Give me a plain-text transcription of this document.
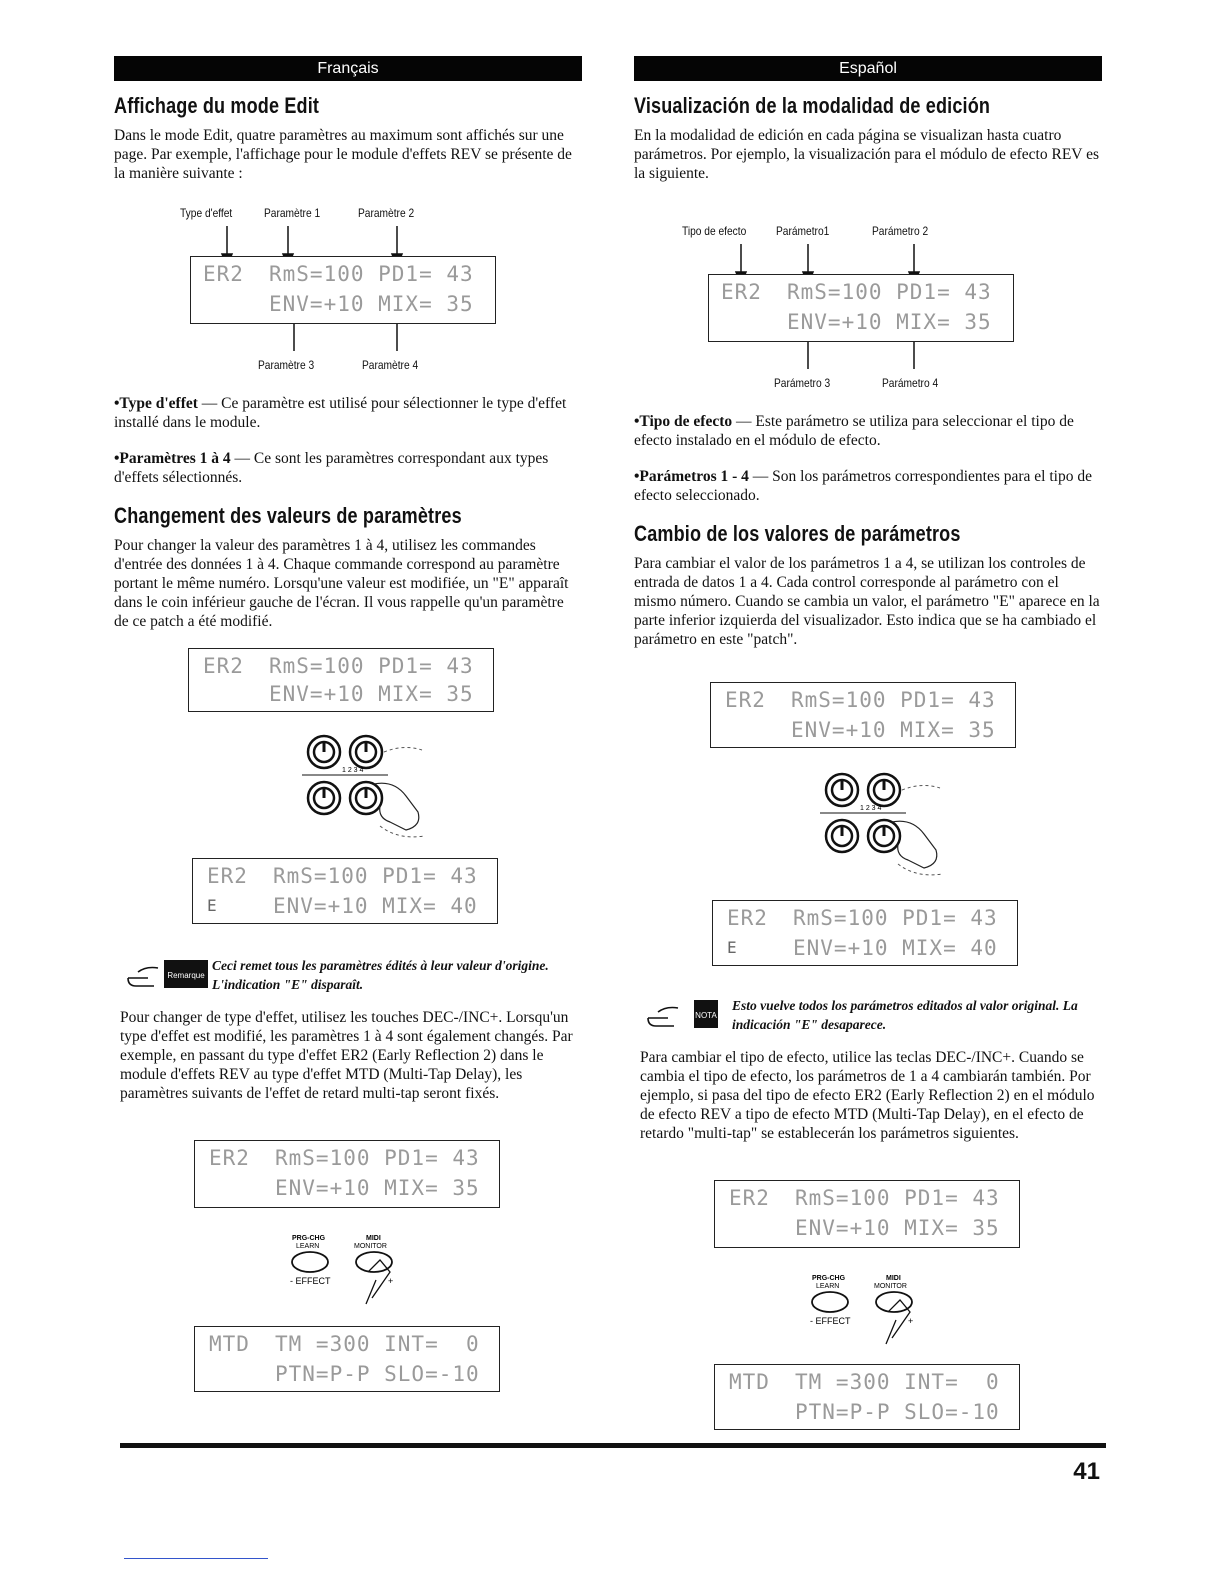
Français
Affichage du mode Edit

Dans le mode Edit, quatre paramètres au maximum sont affichés sur une page. Par exemple, l'affichage pour le module d'effets REV se présente de la manière suivante :

Type d'effet	Paramètre 1	Paramètre 2
ER2 RmS=100 PD1= 43
ENV=+10 MIX= 35
Paramètre 3	Paramètre 4

•Type d'effet — Ce paramètre est utilisé pour sélectionner le type d'effet installé dans le module.

•Paramètres 1 à 4 — Ce sont les paramètres correspondant aux types d'effets sélectionnés.

Changement des valeurs de paramètres

Pour changer la valeur des paramètres 1 à 4, utilisez les commandes d'entrée des données 1 à 4. Chaque commande correspond au paramètre portant le même numéro. Lorsqu'une valeur est modifiée, un "E" apparaît dans le coin inférieur gauche de l'écran. Il vous rappelle qu'un paramètre de ce patch a été modifié.

ER2 RmS=100 PD1= 43
ENV=+10 MIX= 35
1 2 3 4
ER2 RmS=100 PD1= 43
E	ENV=+10 MIX= 40
Remarque
Ceci remet tous les paramètres édités à leur valeur d'origine. L'indication "E" disparaît.

Pour changer de type d'effet, utilisez les touches DEC-/INC+. Lorsqu'un type d'effet est modifié, les paramètres 1 à 4 sont également changés. Par exemple, en passant du type d'effet ER2 (Early Reflection 2) dans le module d'effets REV au type d'effet MTD (Multi-Tap Delay), les paramètres suivants de l'effet de retard multi-tap seront fixés.

ER2 RmS=100 PD1= 43
ENV=+10 MIX= 35
PRG-CHG
LEARN
MIDI
MONITOR
- EFFECT	+
MTD TM =300 INT=  0
PTN=P-P SLO=-10
Español
Visualización de la modalidad de edición

En la modalidad de edición en cada página se visualizan hasta cuatro parámetros. Por ejemplo, la visualización para el módulo de efecto REV es la siguiente.

Tipo de efecto Parámetro1	Parámetro 2
ER2 RmS=100 PD1= 43
ENV=+10 MIX= 35
Parámetro 3	Parámetro 4

•Tipo de efecto — Este parámetro se utiliza para seleccionar el tipo de efecto instalado en el módulo de efecto.

•Parámetros 1 - 4 — Son los parámetros correspondientes para el tipo de efecto seleccionado.

Cambio de los valores de parámetros

Para cambiar el valor de los parámetros 1 a 4, se utilizan los controles de entrada de datos 1 a 4. Cada control corresponde al parámetro con el mismo número. Cuando se cambia un valor, el parámetro "E" aparece en la parte inferior izquierda del visualizador. Esto indica que se ha cambiado el parámetro en este "patch".

ER2 RmS=100 PD1= 43
ENV=+10 MIX= 35
1 2 3 4
ER2 RmS=100 PD1= 43
E	ENV=+10 MIX= 40
NOTA
Esto vuelve todos los parámetros editados al valor original. La indicación "E" desaparece.

Para cambiar el tipo de efecto, utilice las teclas DEC-/INC+. Cuando se cambia el tipo de efecto, los parámetros de 1 a 4 cambiarán también. Por ejemplo, si pasa del tipo de efecto ER2 (Early Reflection 2) en el módulo de efecto REV a tipo de efecto MTD (Multi-Tap Delay), en el efecto de retardo "multi-tap" se establecerán los parámetros siguientes.

ER2 RmS=100 PD1= 43
ENV=+10 MIX= 35
PRG-CHG
LEARN
MIDI
MONITOR
- EFFECT	+
MTD TM =300 INT=  0
PTN=P-P SLO=-10
41
